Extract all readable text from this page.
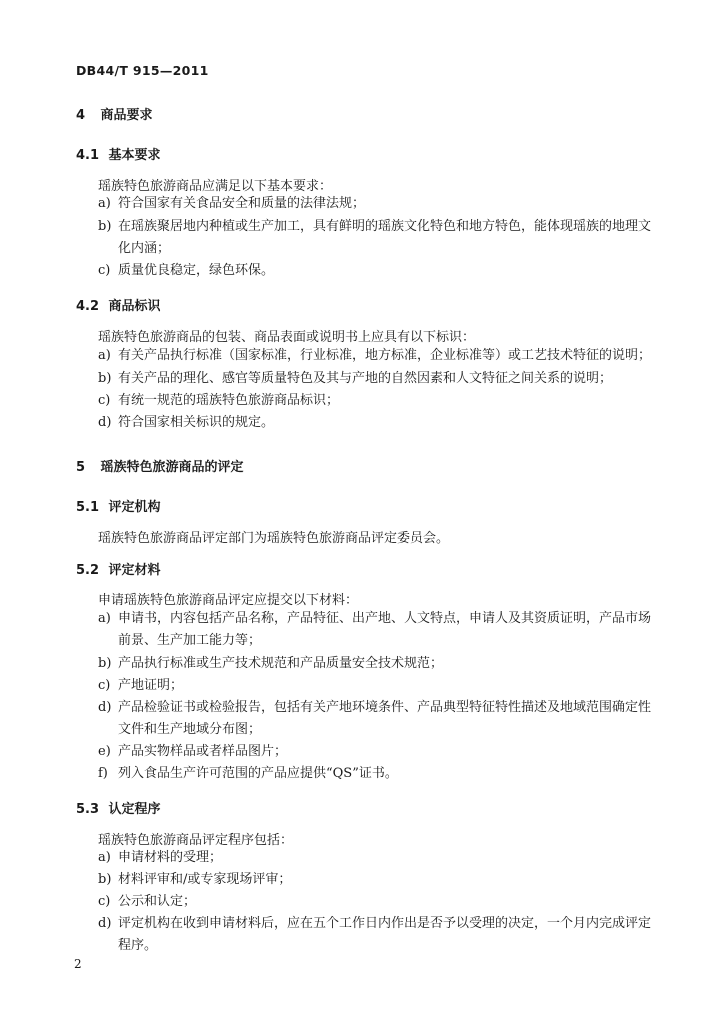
DB44/T 915—2011
4 商品要求
4.1 基本要求
瑶族特色旅游商品应满足以下基本要求：
a) 符合国家有关食品安全和质量的法律法规；
b) 在瑶族聚居地内种植或生产加工，具有鲜明的瑶族文化特色和地方特色，能体现瑶族的地理文化内涵；
c) 质量优良稳定，绿色环保。
4.2 商品标识
瑶族特色旅游商品的包装、商品表面或说明书上应具有以下标识：
a) 有关产品执行标准（国家标准，行业标准，地方标准，企业标准等）或工艺技术特征的说明；
b) 有关产品的理化、感官等质量特色及其与产地的自然因素和人文特征之间关系的说明；
c) 有统一规范的瑶族特色旅游商品标识；
d) 符合国家相关标识的规定。
5 瑶族特色旅游商品的评定
5.1 评定机构
瑶族特色旅游商品评定部门为瑶族特色旅游商品评定委员会。
5.2 评定材料
申请瑶族特色旅游商品评定应提交以下材料：
a) 申请书，内容包括产品名称，产品特征、出产地、人文特点，申请人及其资质证明，产品市场前景、生产加工能力等；
b) 产品执行标准或生产技术规范和产品质量安全技术规范；
c) 产地证明；
d) 产品检验证书或检验报告，包括有关产地环境条件、产品典型特征特性描述及地域范围确定性文件和生产地域分布图；
e) 产品实物样品或者样品图片；
f) 列入食品生产许可范围的产品应提供“QS”证书。
5.3 认定程序
瑶族特色旅游商品评定程序包括：
a) 申请材料的受理；
b) 材料评审和/或专家现场评审；
c) 公示和认定；
d) 评定机构在收到申请材料后，应在五个工作日内作出是否予以受理的决定，一个月内完成评定程序。
2
